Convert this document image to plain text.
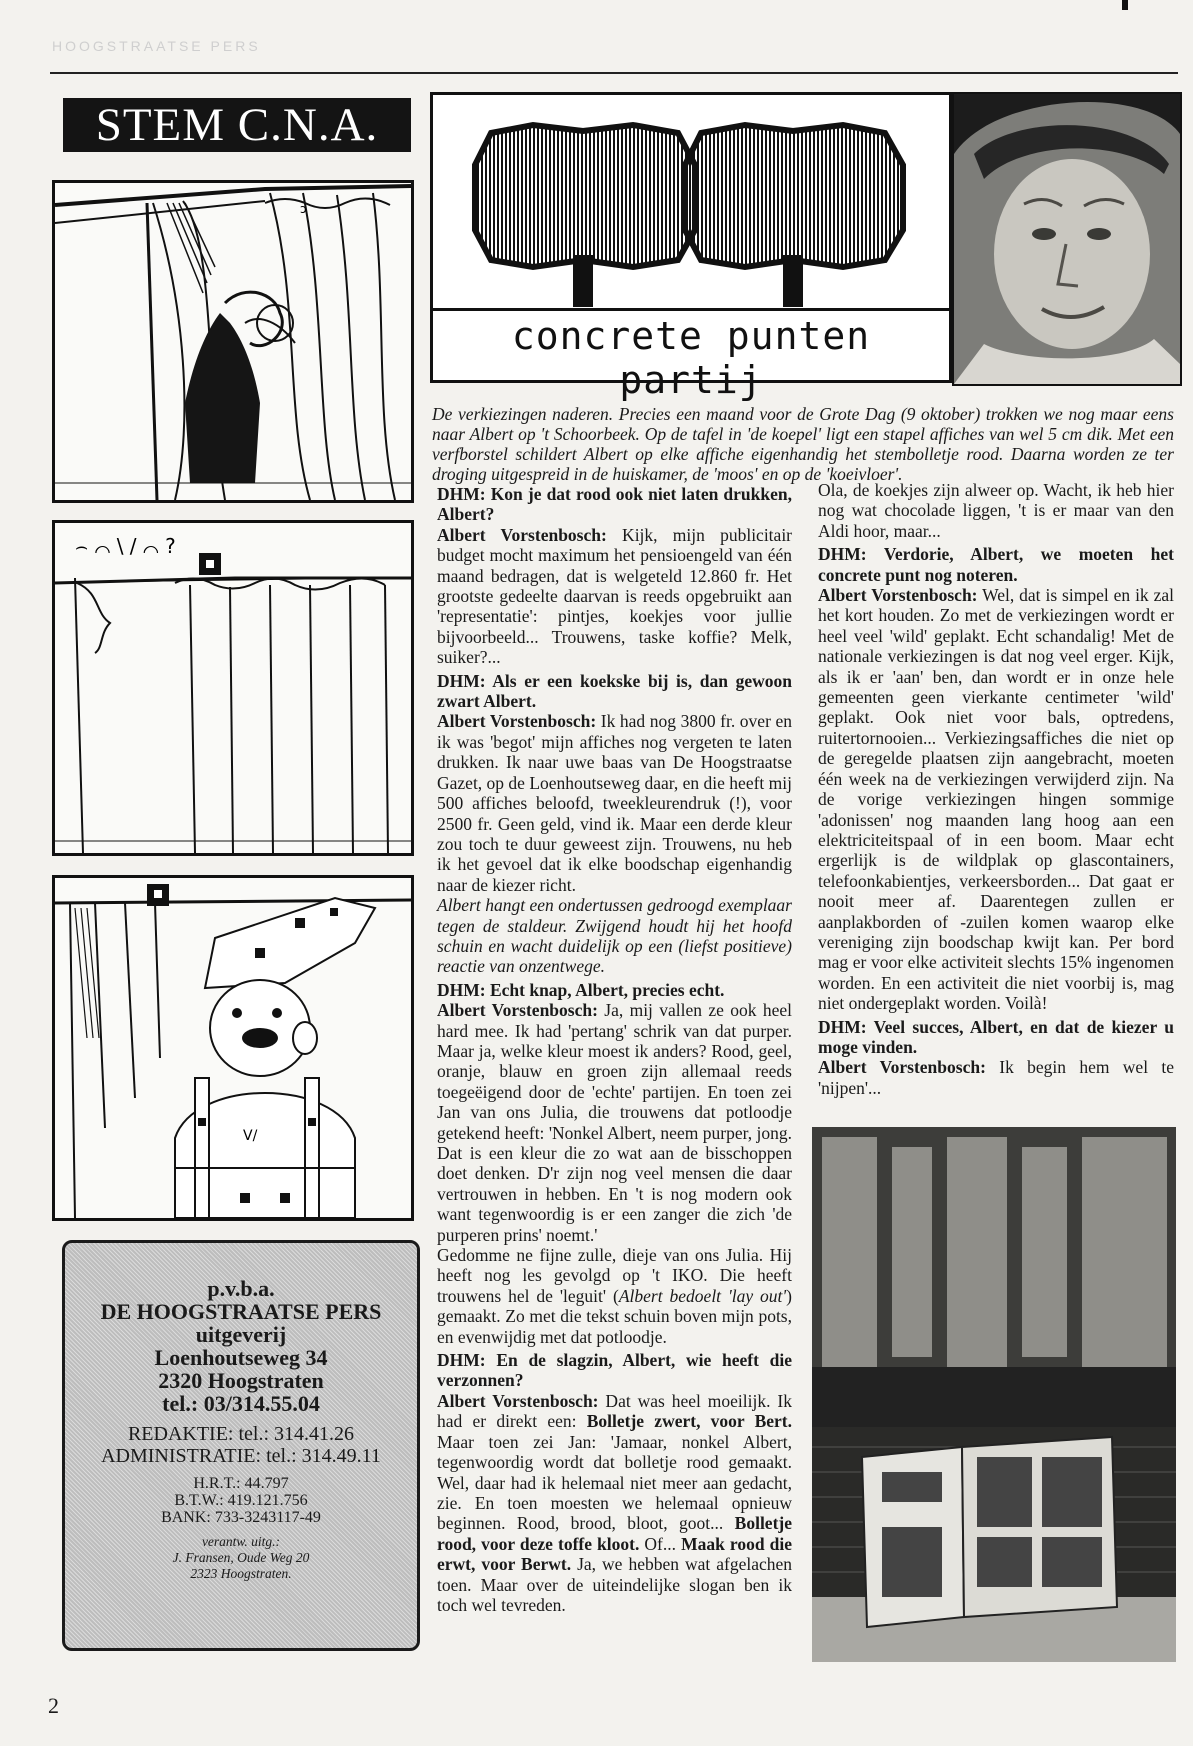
HOOGSTRAATSE PERS
STEM C.N.A.
ᴐ
⌢ ⌒ \ / ⌒ ?
V/
concrete punten partij
De verkiezingen naderen. Precies een maand voor de Grote Dag (9 oktober) trokken we nog maar eens naar Albert op 't Schoorbeek. Op de tafel in 'de koepel' ligt een stapel affiches van wel 5 cm dik. Met een verfborstel schildert Albert op elke affiche eigenhandig het stembolletje rood. Daarna worden ze ter droging uitgespreid in de huiskamer, de 'moos' en op de 'koeivloer'.

DHM: Kon je dat rood ook niet laten drukken, Albert?

Albert Vorstenbosch: Kijk, mijn publicitair budget mocht maximum het pensioengeld van één maand bedragen, dat is welgeteld 12.860 fr. Het grootste gedeelte daarvan is reeds opgebruikt aan 'representatie': pintjes, koekjes voor jullie bijvoorbeeld... Trouwens, taske koffie? Melk, suiker?...

DHM: Als er een koekske bij is, dan gewoon zwart Albert.

Albert Vorstenbosch: Ik had nog 3800 fr. over en ik was 'begot' mijn affiches nog vergeten te laten drukken. Ik naar uwe baas van De Hoogstraatse Gazet, op de Loenhoutseweg daar, en die heeft mij 500 affiches beloofd, tweekleurendruk (!), voor 2500 fr. Geen geld, vind ik. Maar een derde kleur zou toch te duur geweest zijn. Trouwens, nu heb ik het gevoel dat ik elke boodschap eigenhandig naar de kiezer richt.

Albert hangt een ondertussen gedroogd exemplaar tegen de staldeur. Zwijgend houdt hij het hoofd schuin en wacht duidelijk op een (liefst positieve) reactie van onzentwege.

DHM: Echt knap, Albert, precies echt.

Albert Vorstenbosch: Ja, mij vallen ze ook heel hard mee. Ik had 'pertang' schrik van dat purper. Maar ja, welke kleur moest ik anders? Rood, geel, oranje, blauw en groen zijn allemaal reeds toegeëigend door de 'echte' partijen. En toen zei Jan van ons Julia, die trouwens dat potloodje getekend heeft: 'Nonkel Albert, neem purper, jong. Dat is een kleur die zo wat aan de bisschoppen doet denken. D'r zijn nog veel mensen die daar vertrouwen in hebben. En 't is nog modern ook want tegenwoordig is er een zanger die zich 'de purperen prins' noemt.'

Gedomme ne fijne zulle, dieje van ons Julia. Hij heeft nog les gevolgd op 't IKO. Die heeft trouwens hel de 'leguit' (Albert bedoelt 'lay out') gemaakt. Zo met die tekst schuin boven mijn pots, en evenwijdig met dat potloodje.

DHM: En de slagzin, Albert, wie heeft die verzonnen?

Albert Vorstenbosch: Dat was heel moeilijk. Ik had er direkt een: Bolletje zwert, voor Bert. Maar toen zei Jan: 'Jamaar, nonkel Albert, tegenwoordig wordt dat bolletje rood gemaakt. Wel, daar had ik helemaal niet meer aan gedacht, zie. En toen moesten we helemaal opnieuw beginnen. Rood, brood, bloot, goot... Bolletje rood, voor deze toffe kloot. Of... Maak rood die erwt, voor Berwt. Ja, we hebben wat afgelachen toen. Maar over de uiteindelijke slogan ben ik toch wel tevreden.

Ola, de koekjes zijn alweer op. Wacht, ik heb hier nog wat chocolade liggen, 't is er maar van den Aldi hoor, maar...

DHM: Verdorie, Albert, we moeten het concrete punt nog noteren.

Albert Vorstenbosch: Wel, dat is simpel en ik zal het kort houden. Zo met de verkiezingen wordt er heel veel 'wild' geplakt. Echt schandalig! Met de nationale verkiezingen is dat nog veel erger. Kijk, als ik er 'aan' ben, dan wordt er in onze hele gemeenten geen vierkante centimeter 'wild' geplakt. Ook niet voor bals, optredens, ruitertornooien... Verkiezingsaffiches die niet op de geregelde plaatsen zijn aangebracht, moeten één week na de verkiezingen verwijderd zijn. Na de vorige verkiezingen hingen sommige 'adonissen' nog maanden lang hoog aan een elektriciteitspaal of in een boom. Maar echt ergerlijk is de wildplak op glascontainers, telefoonkabientjes, verkeersborden... Dat gaat er nooit meer af. Daarentegen zullen er aanplakborden of -zuilen komen waarop elke vereniging zijn boodschap kwijt kan. Per bord mag er voor elke activiteit slechts 15% ingenomen worden. En een activiteit die niet voorbij is, mag niet ondergeplakt worden. Voilà!

DHM: Veel succes, Albert, en dat de kiezer u moge vinden.

Albert Vorstenbosch: Ik begin hem wel te 'nijpen'...

p.v.b.a.
DE HOOGSTRAATSE PERS
uitgeverij
Loenhoutseweg 34
2320 Hoogstraten
tel.: 03/314.55.04
REDAKTIE: tel.: 314.41.26
ADMINISTRATIE: tel.: 314.49.11
H.R.T.: 44.797
B.T.W.: 419.121.756
BANK: 733-3243117-49
verantw. uitg.:
J. Fransen, Oude Weg 20
2323 Hoogstraten.
2
